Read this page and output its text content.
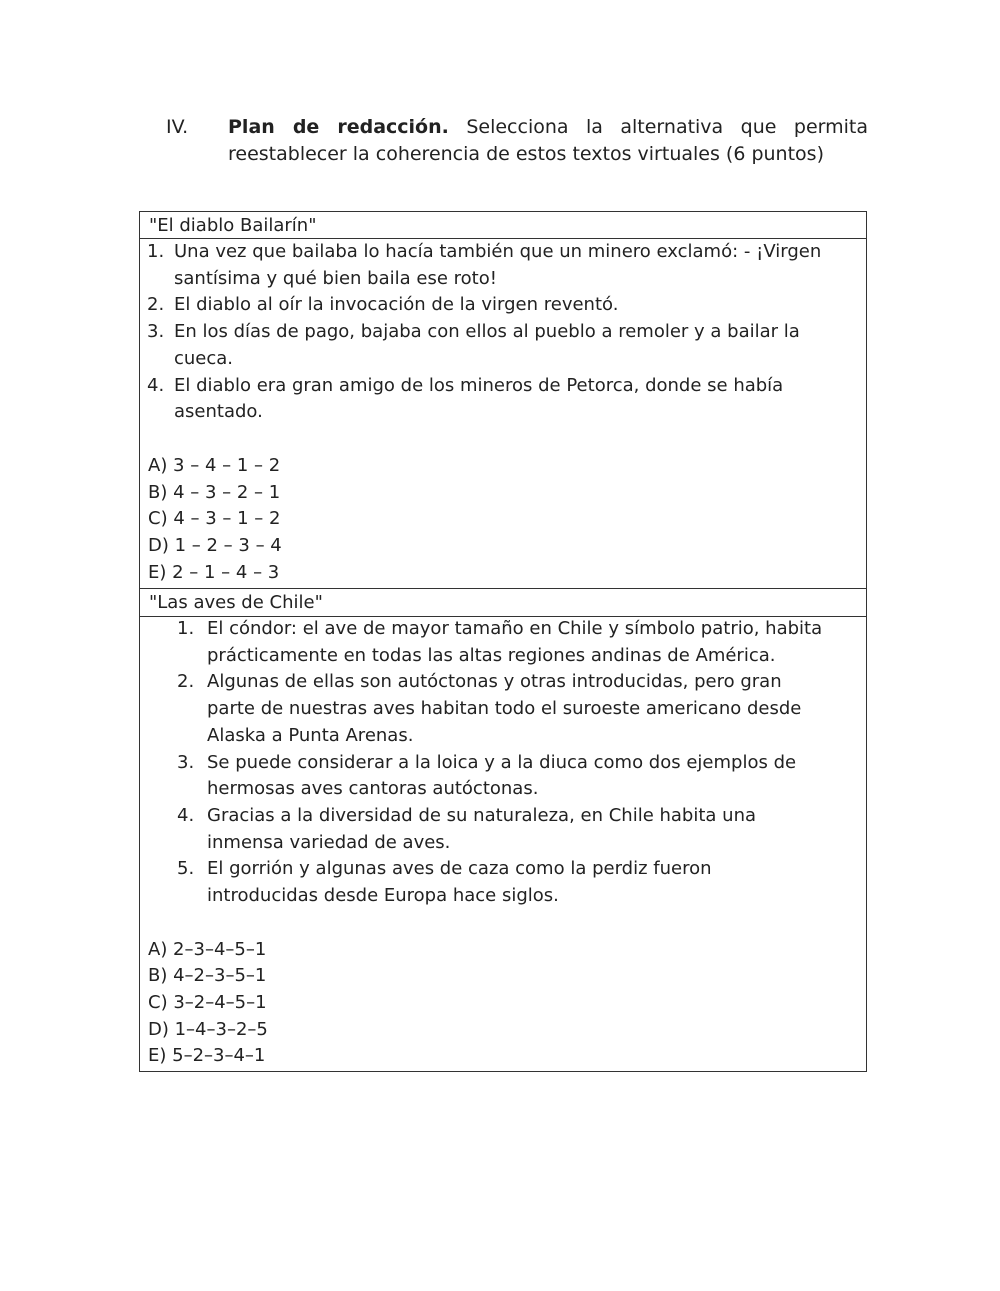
IV. Plan de redacción. Selecciona la alternativa que permita reestablecer la coherencia de estos textos virtuales (6 puntos)
"El diablo Bailarín"
1. Una vez que bailaba lo hacía también que un minero exclamó: - ¡Virgen santísima y qué bien baila ese roto!
2. El diablo al oír la invocación de la virgen reventó.
3. En los días de pago, bajaba con ellos al pueblo a remoler y a bailar la cueca.
4. El diablo era gran amigo de los mineros de Petorca, donde se había asentado.
A) 3 – 4 – 1 – 2
B) 4 – 3 – 2 – 1
C) 4 – 3 – 1 – 2
D) 1 – 2 – 3 – 4
E) 2 – 1 – 4 – 3
"Las aves de Chile"
1. El cóndor: el ave de mayor tamaño en Chile y símbolo patrio, habita prácticamente en todas las altas regiones andinas de América.
2. Algunas de ellas son autóctonas y otras introducidas, pero gran parte de nuestras aves habitan todo el suroeste americano desde Alaska a Punta Arenas.
3. Se puede considerar a la loica y a la diuca como dos ejemplos de hermosas aves cantoras autóctonas.
4. Gracias a la diversidad de su naturaleza, en Chile habita una inmensa variedad de aves.
5. El gorrión y algunas aves de caza como la perdiz fueron introducidas desde Europa hace siglos.
A) 2–3–4–5–1
B) 4–2–3–5–1
C) 3–2–4–5–1
D) 1–4–3–2–5
E) 5–2–3–4–1
